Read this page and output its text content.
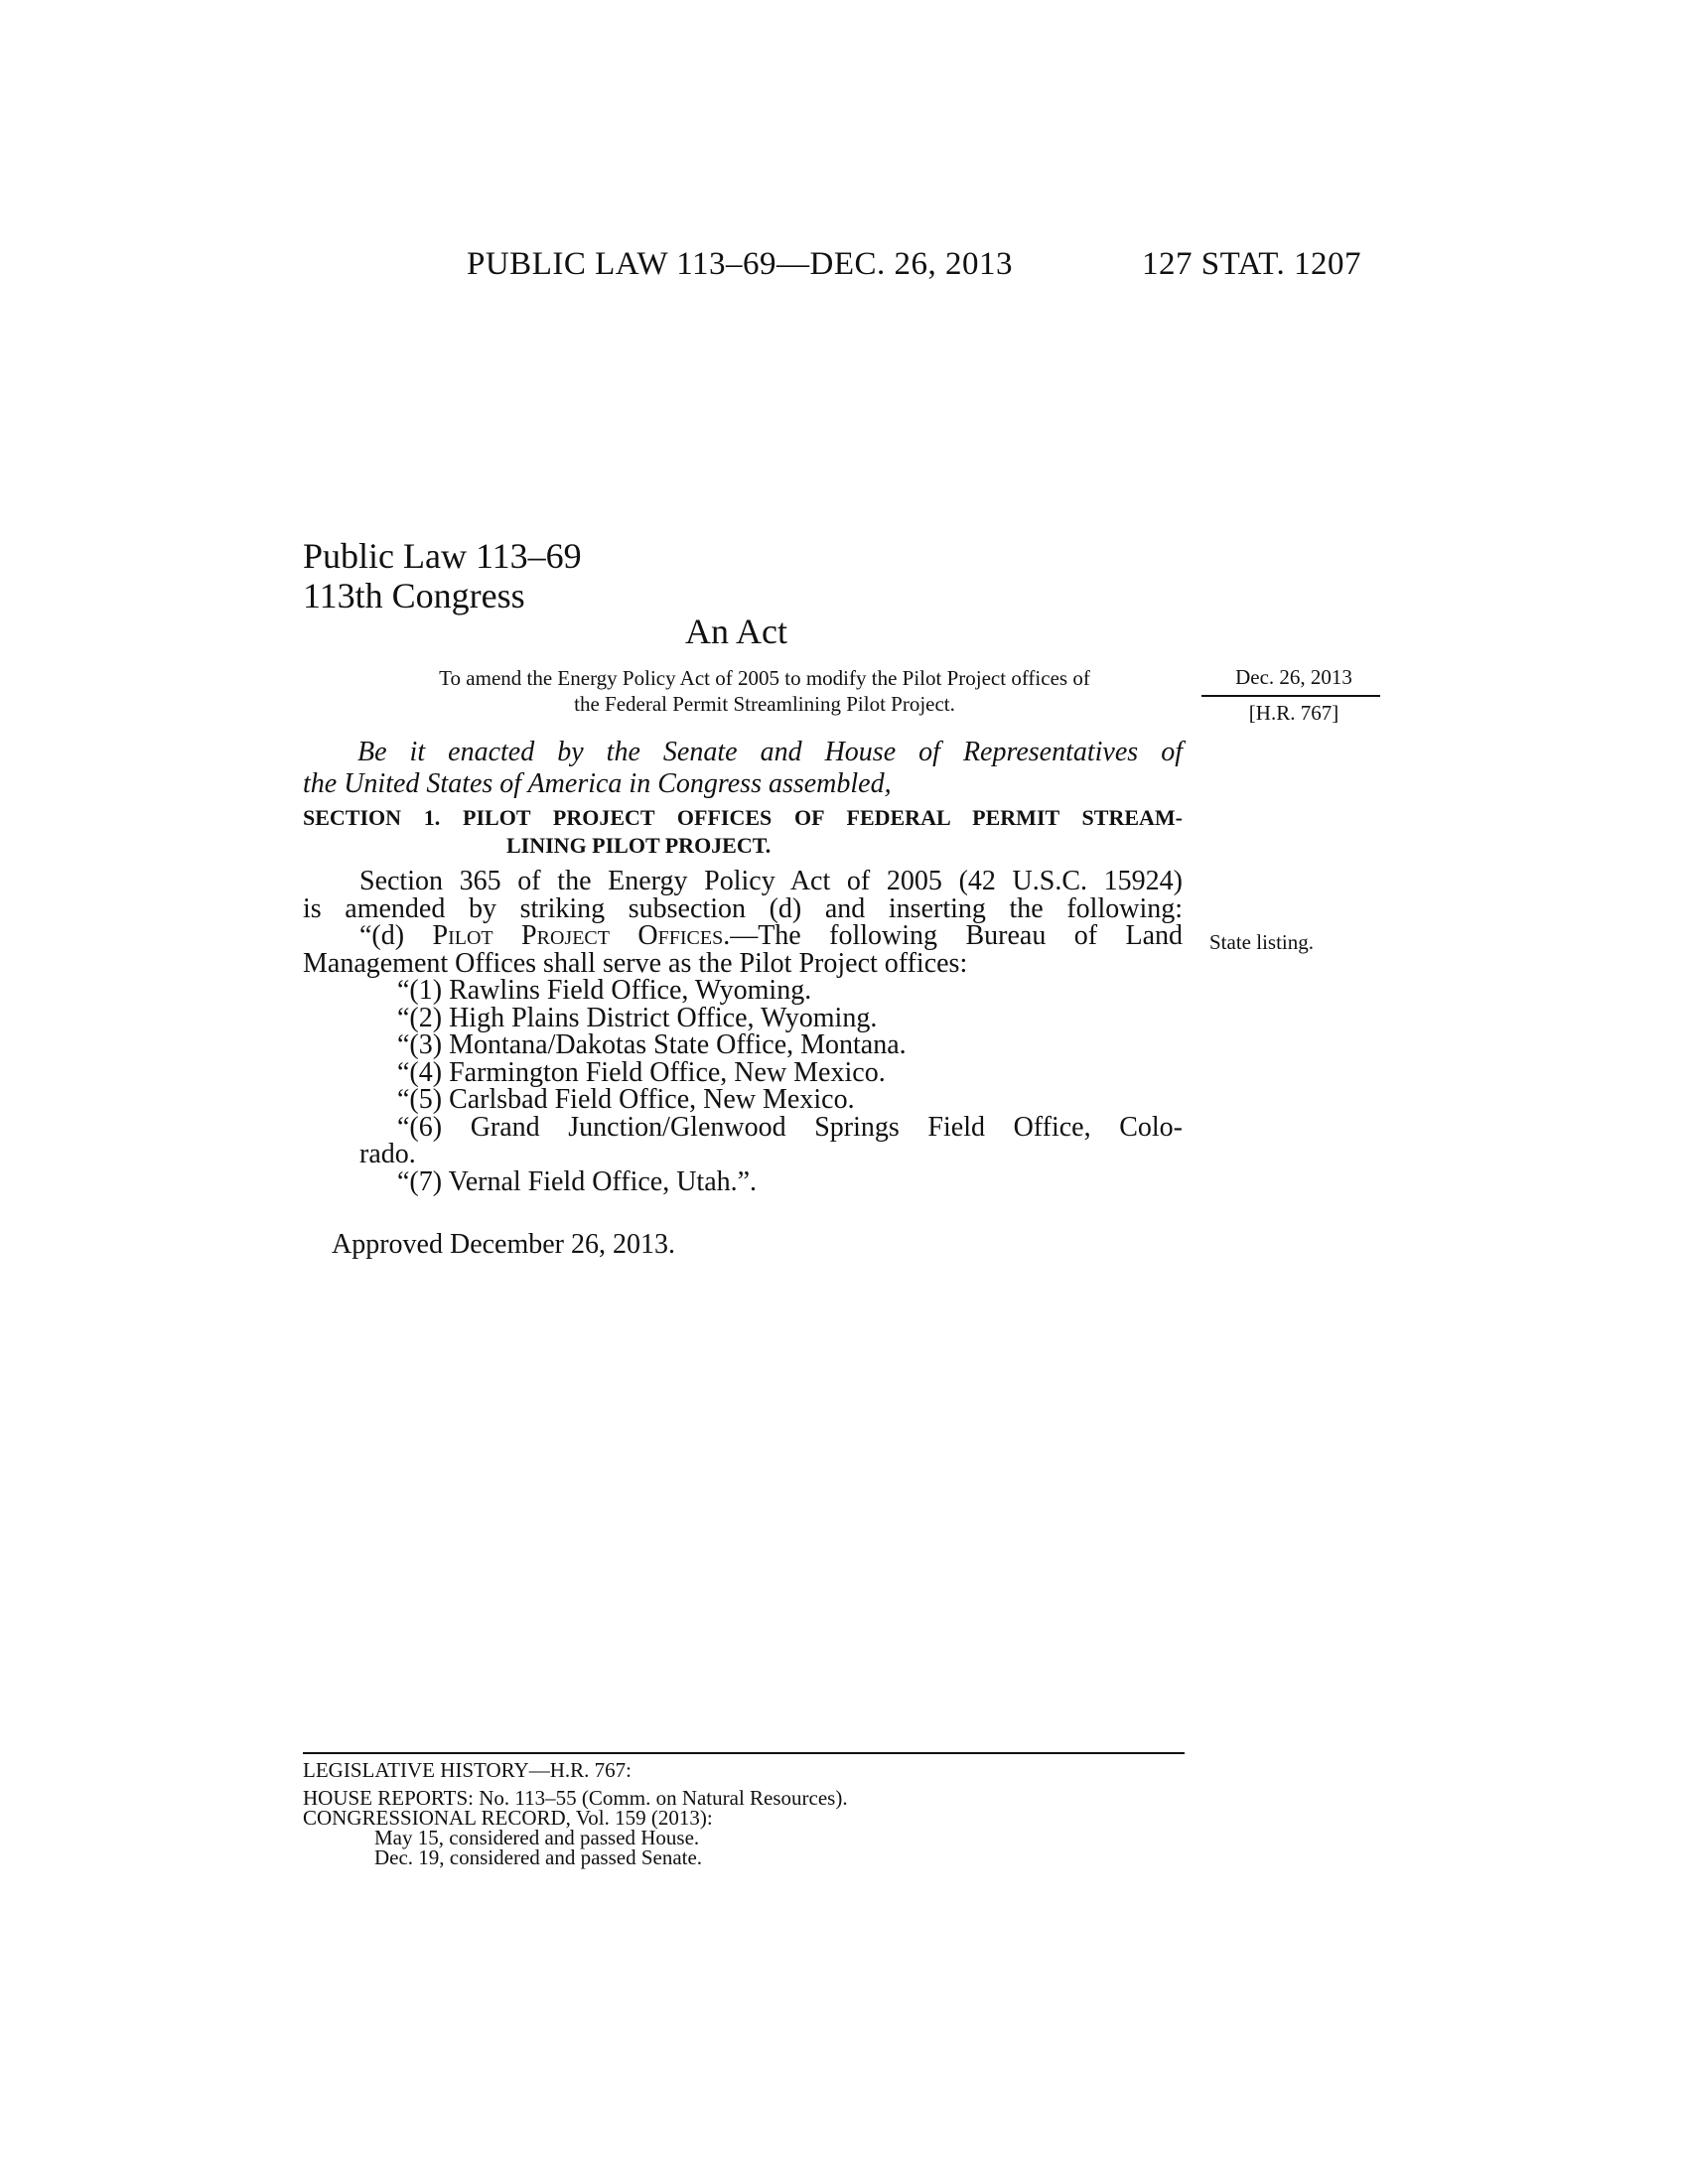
PUBLIC LAW 113–69—DEC. 26, 2013	127 STAT. 1207
Public Law 113–69
113th Congress
An Act
To amend the Energy Policy Act of 2005 to modify the Pilot Project offices of
the Federal Permit Streamlining Pilot Project.
Dec. 26, 2013
[H.R. 767]
Be it enacted by the Senate and House of Representatives of
the United States of America in Congress assembled,
SECTION 1. PILOT PROJECT OFFICES OF FEDERAL PERMIT STREAM-
LINING PILOT PROJECT.
Section 365 of the Energy Policy Act of 2005 (42 U.S.C. 15924)
is amended by striking subsection (d) and inserting the following:
“(d) Pilot Project Offices.—The following Bureau of Land
Management Offices shall serve as the Pilot Project offices:
“(1) Rawlins Field Office, Wyoming.
“(2) High Plains District Office, Wyoming.
“(3) Montana/Dakotas State Office, Montana.
“(4) Farmington Field Office, New Mexico.
“(5) Carlsbad Field Office, New Mexico.
“(6) Grand Junction/Glenwood Springs Field Office, Colo-
rado.
“(7) Vernal Field Office, Utah.”.
State listing.
Approved December 26, 2013.
LEGISLATIVE HISTORY—H.R. 767:
HOUSE REPORTS: No. 113–55 (Comm. on Natural Resources).
CONGRESSIONAL RECORD, Vol. 159 (2013):
May 15, considered and passed House.
Dec. 19, considered and passed Senate.
